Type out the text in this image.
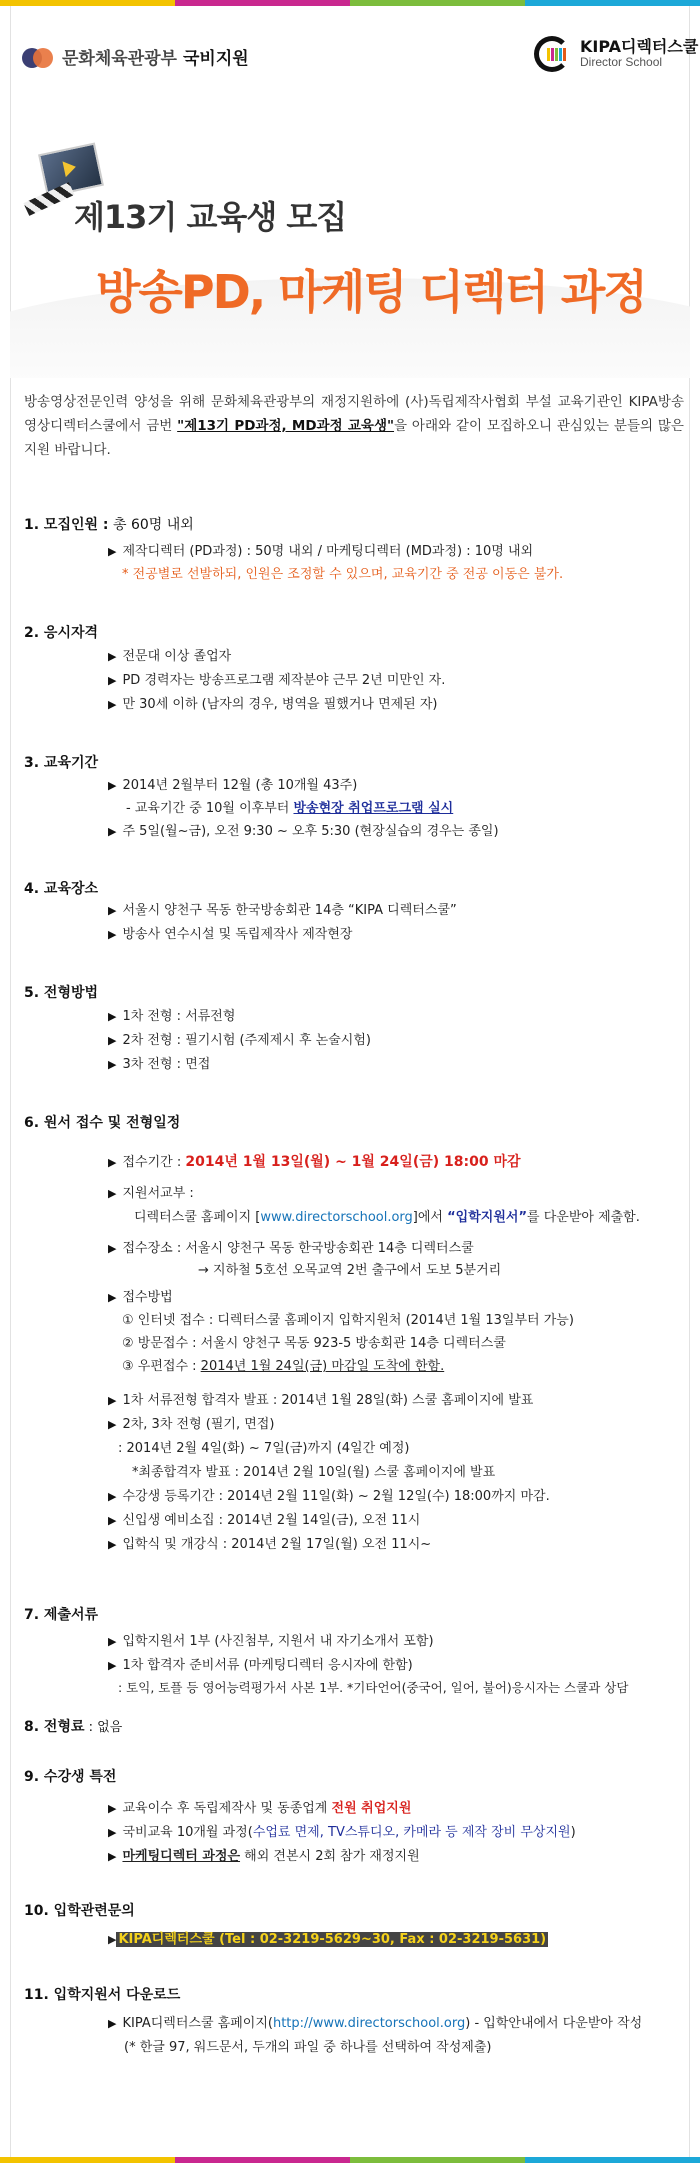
문화체육관광부 국비지원
KIPA디렉터스쿨
Director School
제13기 교육생 모집
방송PD, 마케팅 디렉터 과정
방송영상전문인력 양성을 위해 문화체육관광부의 재정지원하에 (사)독립제작사협회 부설 교육기관인 KIPA방송영상디렉터스쿨에서 금번 "제13기 PD과정, MD과정 교육생"을 아래와 같이 모집하오니 관심있는 분들의 많은 지원 바랍니다.
1. 모집인원 : 총 60명 내외
▶ 제작디렉터 (PD과정) : 50명 내외 / 마케팅디렉터 (MD과정) : 10명 내외
* 전공별로 선발하되, 인원은 조정할 수 있으며, 교육기간 중 전공 이동은 불가.
2. 응시자격
▶ 전문대 이상 졸업자
▶ PD 경력자는 방송프로그램 제작분야 근무 2년 미만인 자.
▶ 만 30세 이하 (남자의 경우, 병역을 필했거나 면제된 자)
3. 교육기간
▶ 2014년 2월부터 12월 (총 10개월 43주)
- 교육기간 중 10월 이후부터 방송현장 취업프로그램 실시
▶ 주 5일(월~금), 오전 9:30 ~ 오후 5:30 (현장실습의 경우는 종일)
4. 교육장소
▶ 서울시 양천구 목동 한국방송회관 14층 “KIPA 디렉터스쿨”
▶ 방송사 연수시설 및 독립제작사 제작현장
5. 전형방법
▶ 1차 전형 : 서류전형
▶ 2차 전형 : 필기시험 (주제제시 후 논술시험)
▶ 3차 전형 : 면접
6. 원서 접수 및 전형일정
▶ 접수기간 : 2014년 1월 13일(월) ~ 1월 24일(금) 18:00 마감
▶ 지원서교부 :
디렉터스쿨 홈페이지 [www.directorschool.org]에서 “입학지원서”를 다운받아 제출함.
▶ 접수장소 : 서울시 양천구 목동 한국방송회관 14층 디렉터스쿨
→ 지하철 5호선 오목교역 2번 출구에서 도보 5분거리
▶ 접수방법
① 인터넷 접수 : 디렉터스쿨 홈페이지 입학지원처 (2014년 1월 13일부터 가능)
② 방문접수 : 서울시 양천구 목동 923-5 방송회관 14층 디렉터스쿨
③ 우편접수 : 2014년 1월 24일(금) 마감일 도착에 한함.
▶ 1차 서류전형 합격자 발표 : 2014년 1월 28일(화) 스쿨 홈페이지에 발표
▶ 2차, 3차 전형 (필기, 면접)
: 2014년 2월 4일(화) ~ 7일(금)까지 (4일간 예정)
*최종합격자 발표 : 2014년 2월 10일(월) 스쿨 홈페이지에 발표
▶ 수강생 등록기간 : 2014년 2월 11일(화) ~ 2월 12일(수) 18:00까지 마감.
▶ 신입생 예비소집 : 2014년 2월 14일(금), 오전 11시
▶ 입학식 및 개강식 : 2014년 2월 17일(월) 오전 11시~
7. 제출서류
▶ 입학지원서 1부 (사진첨부, 지원서 내 자기소개서 포함)
▶ 1차 합격자 준비서류 (마케팅디렉터 응시자에 한함)
: 토익, 토플 등 영어능력평가서 사본 1부. *기타언어(중국어, 일어, 불어)응시자는 스쿨과 상담
8. 전형료 : 없음
9. 수강생 특전
▶ 교육이수 후 독립제작사 및 동종업계 전원 취업지원
▶ 국비교육 10개월 과정(수업료 면제, TV스튜디오, 카메라 등 제작 장비 무상지원)
▶ 마케팅디렉터 과정은 해외 견본시 2회 참가 재정지원
10. 입학관련문의
▶ KIPA디렉터스쿨 (Tel : 02-3219-5629~30, Fax : 02-3219-5631)
11. 입학지원서 다운로드
▶ KIPA디렉터스쿨 홈페이지(http://www.directorschool.org) - 입학안내에서 다운받아 작성
(* 한글 97, 워드문서, 두개의 파일 중 하나를 선택하여 작성제출)
